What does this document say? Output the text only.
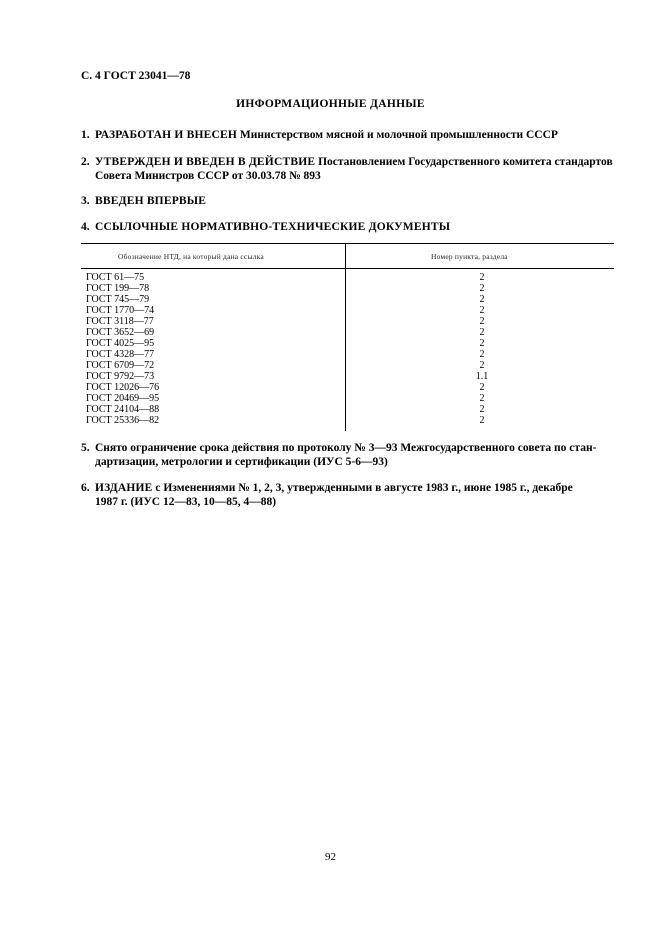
С. 4 ГОСТ 23041—78
ИНФОРМАЦИОННЫЕ ДАННЫЕ
1. РАЗРАБОТАН И ВНЕСЕН Министерством мясной и молочной промышленности СССР
2. УТВЕРЖДЕН И ВВЕДЕН В ДЕЙСТВИЕ Постановлением Государственного комитета стандартов
Совета Министров СССР от 30.03.78 № 893
3. ВВЕДЕН ВПЕРВЫЕ
4. ССЫЛОЧНЫЕ НОРМАТИВНО-ТЕХНИЧЕСКИЕ ДОКУМЕНТЫ
Обозначение НТД, на который дана ссылка	Номер пункта, раздела
ГОСТ 61—75
ГОСТ 199—78
ГОСТ 745—79
ГОСТ 1770—74
ГОСТ 3118—77
ГОСТ 3652—69
ГОСТ 4025—95
ГОСТ 4328—77
ГОСТ 6709—72
ГОСТ 9792—73
ГОСТ 12026—76
ГОСТ 20469—95
ГОСТ 24104—88
ГОСТ 25336—82
2
2
2
2
2
2
2
2
2
1.1
2
2
2
2
5. Снято ограничение срока действия по протоколу № 3—93 Межгосударственного совета по стан-
дартизации, метрологии и сертификации (ИУС 5-6—93)
6. ИЗДАНИЕ с Изменениями № 1, 2, 3, утвержденными в августе 1983 г., июне 1985 г., декабре
1987 г. (ИУС 12—83, 10—85, 4—88)
92
